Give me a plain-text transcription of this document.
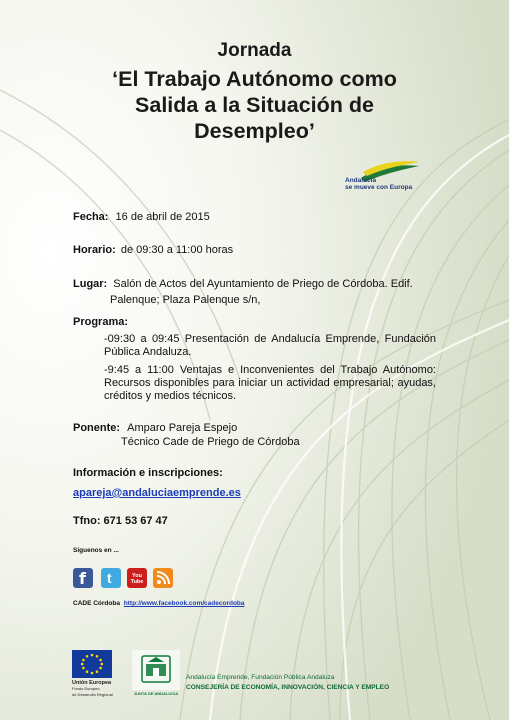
Jornada
‘El Trabajo Autónomo como
Salida a la Situación de
Desempleo’
Andalucía
se mueve con Europa
Fecha: 16 de abril de 2015
Horario: de 09:30 a 11:00 horas
Lugar: Salón de Actos del Ayuntamiento de Priego de Córdoba. Edif.
Palenque; Plaza Palenque s/n,
Programa:
-09:30 a 09:45 Presentación de Andalucía Emprende, Fundación
Pública Andaluza.
-9:45 a 11:00 Ventajas e Inconvenientes del Trabajo Autónomo:
Recursos disponibles para iniciar un actividad empresarial; ayudas,
créditos y medios técnicos.
Ponente: Amparo Pareja Espejo
Técnico Cade de Priego de Córdoba
Información e inscripciones:
apareja@andaluciaemprende.es
Tfno: 671 53 67 47
Síguenos en ...
f t	You Tube
CADE Córdoba http://www.facebook.com/cadecordoba
Unión Europea
Fondo Europeo
de Desarrollo Regional	JUNTA DE ANDALUCIA
Andalucía Emprende, Fundación Pública Andaluza
CONSEJERÍA DE ECONOMÍA, INNOVACIÓN, CIENCIA Y EMPLEO
